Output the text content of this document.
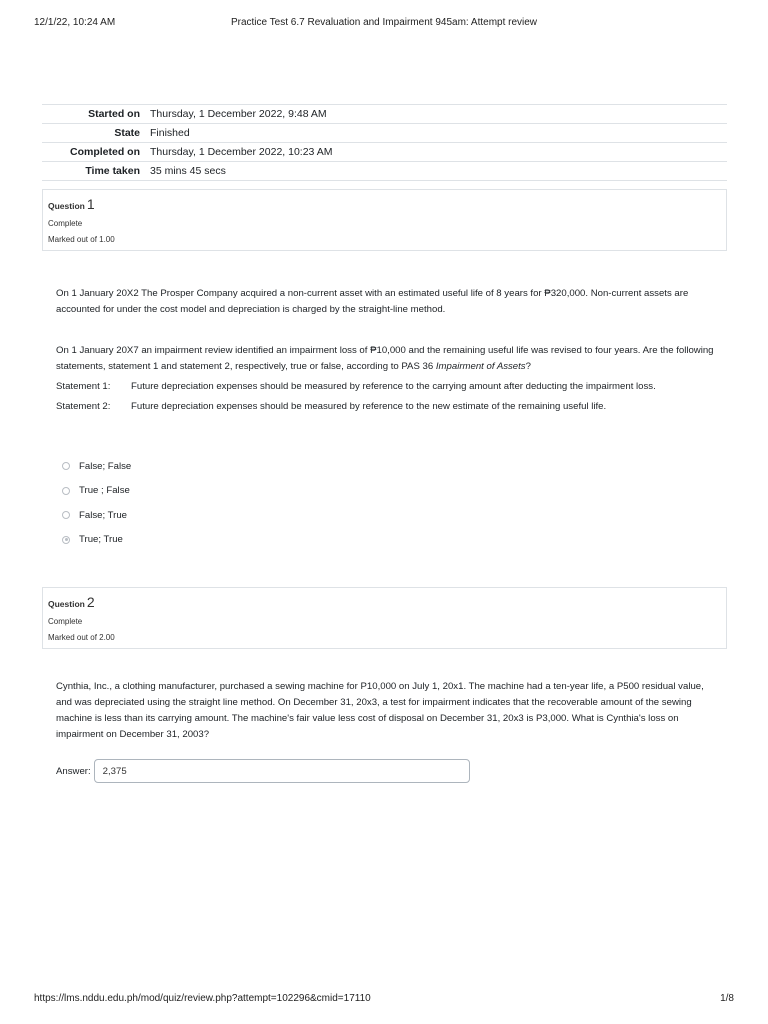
12/1/22, 10:24 AM	Practice Test 6.7 Revaluation and Impairment 945am: Attempt review
Started on	Thursday, 1 December 2022, 9:48 AM
State	Finished
Completed on	Thursday, 1 December 2022, 10:23 AM
Time taken	35 mins 45 secs
Question 1
Complete
Marked out of 1.00

On 1 January 20X2 The Prosper Company acquired a non-current asset with an estimated useful life of 8 years for ₱320,000. Non-current assets are accounted for under the cost model and depreciation is charged by the straight-line method.

On 1 January 20X7 an impairment review identified an impairment loss of ₱10,000 and the remaining useful life was revised to four years. Are the following statements, statement 1 and statement 2, respectively, true or false, according to PAS 36 Impairment of Assets?

Statement 1:	Future depreciation expenses should be measured by reference to the carrying amount after deducting the impairment loss.
Statement 2:	Future depreciation expenses should be measured by reference to the new estimate of the remaining useful life.
False; False
True ; False
False; True
True; True
Question 2
Complete
Marked out of 2.00

Cynthia, Inc., a clothing manufacturer, purchased a sewing machine for P10,000 on July 1, 20x1. The machine had a ten-year life, a P500 residual value, and was depreciated using the straight line method. On December 31, 20x3, a test for impairment indicates that the recoverable amount of the sewing machine is less than its carrying amount. The machine's fair value less cost of disposal on December 31, 20x3 is P3,000. What is Cynthia's loss on impairment on December 31, 2003?

Answer: 2,375
https://lms.nddu.edu.ph/mod/quiz/review.php?attempt=102296&cmid=17110	1/8
